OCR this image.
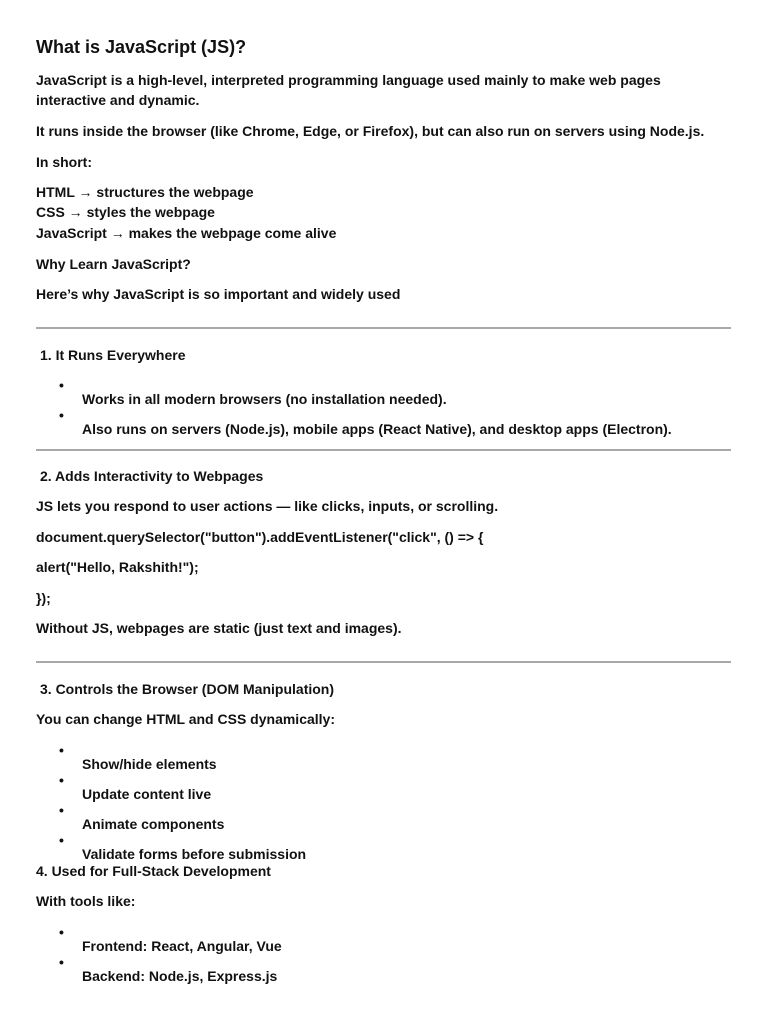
What is JavaScript (JS)?

JavaScript is a high-level, interpreted programming language used mainly to make web pages interactive and dynamic.

It runs inside the browser (like Chrome, Edge, or Firefox), but can also run on servers using Node.js.

In short:

HTML → structures the webpage

CSS → styles the webpage

JavaScript → makes the webpage come alive

Why Learn JavaScript?

Here’s why JavaScript is so important and widely used

1. It Runs Everywhere

•

Works in all modern browsers (no installation needed).

•

Also runs on servers (Node.js), mobile apps (React Native), and desktop apps (Electron).

2. Adds Interactivity to Webpages

JS lets you respond to user actions — like clicks, inputs, or scrolling.

document.querySelector("button").addEventListener("click", () => {
alert("Hello, Rakshith!");
});

Without JS, webpages are static (just text and images).

3. Controls the Browser (DOM Manipulation)

You can change HTML and CSS dynamically:

•

Show/hide elements

•

Update content live

•

Animate components

•

Validate forms before submission

4. Used for Full-Stack Development

With tools like:

•

Frontend: React, Angular, Vue

•

Backend: Node.js, Express.js
